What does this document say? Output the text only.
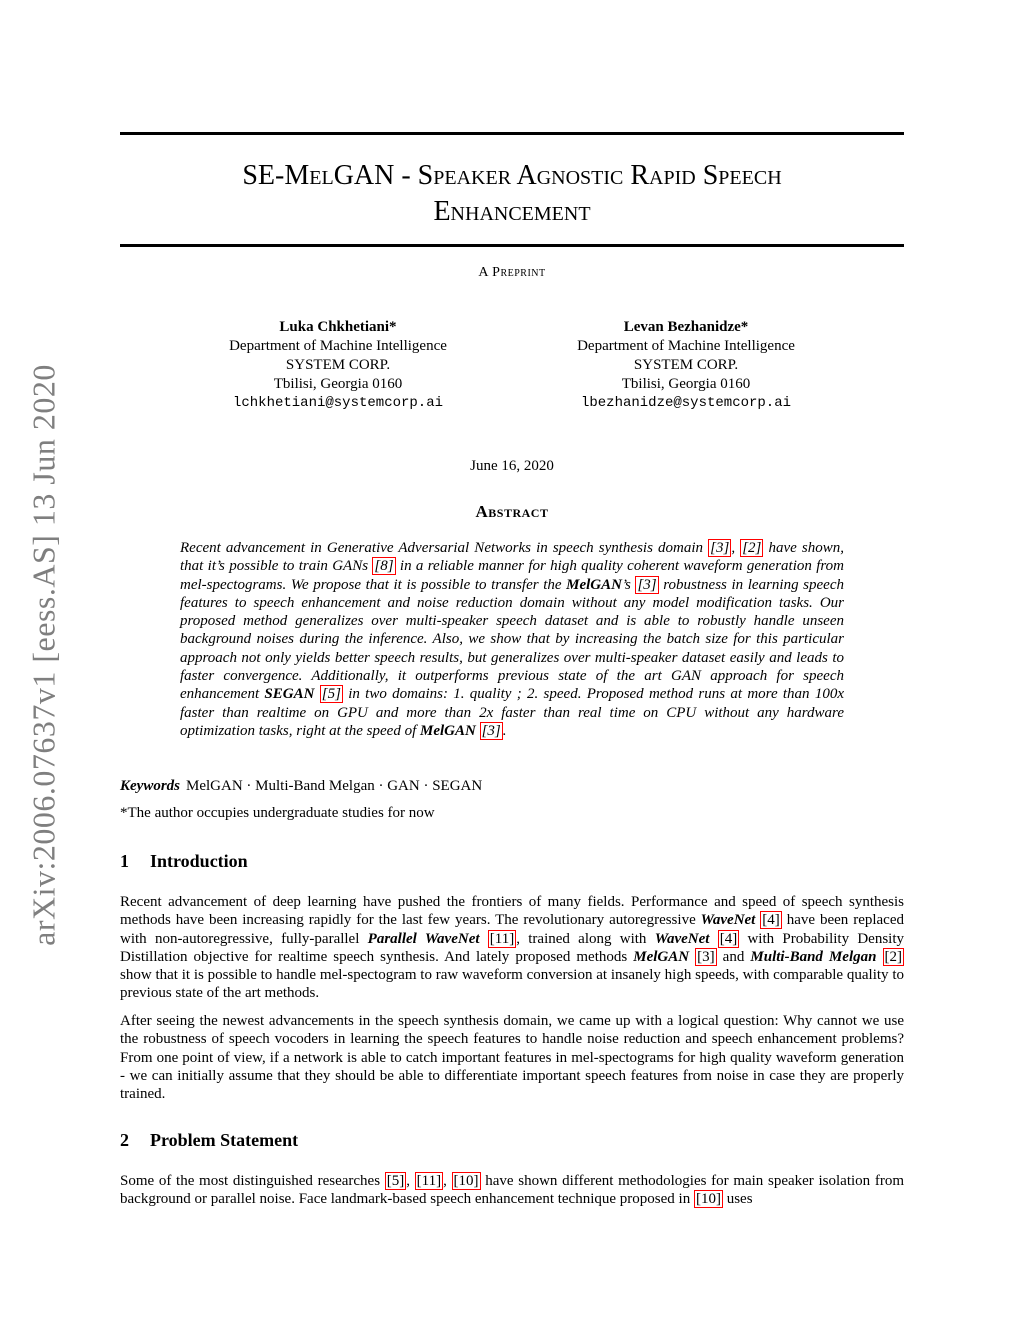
arXiv:2006.07637v1 [eess.AS] 13 Jun 2020
SE-MelGAN - Speaker Agnostic Rapid Speech
Enhancement
A Preprint
Luka Chkhetiani*
Department of Machine Intelligence
SYSTEM CORP.
Tbilisi, Georgia 0160
lchkhetiani@systemcorp.ai
Levan Bezhanidze*
Department of Machine Intelligence
SYSTEM CORP.
Tbilisi, Georgia 0160
lbezhanidze@systemcorp.ai
June 16, 2020
Abstract
Recent advancement in Generative Adversarial Networks in speech synthesis domain [3] , [2] have shown, that it’s possible to train GANs [8] in a reliable manner for high quality coherent waveform generation from mel-spectograms. We propose that it is possible to transfer the MelGAN’s [3] robustness in learning speech features to speech enhancement and noise reduction domain without any model modification tasks. Our proposed method generalizes over multi-speaker speech dataset and is able to robustly handle unseen background noises during the inference. Also, we show that by increasing the batch size for this particular approach not only yields better speech results, but generalizes over multi-speaker dataset easily and leads to faster convergence. Additionally, it outperforms previous state of the art GAN approach for speech enhancement SEGAN [5] in two domains: 1. quality ; 2. speed. Proposed method runs at more than 100x faster than realtime on GPU and more than 2x faster than real time on CPU without any hardware optimization tasks, right at the speed of MelGAN [3] .
Keywords MelGAN · Multi-Band Melgan · GAN · SEGAN
*The author occupies undergraduate studies for now
1 Introduction
Recent advancement of deep learning have pushed the frontiers of many fields. Performance and speed of speech synthesis methods have been increasing rapidly for the last few years. The revolutionary autoregressive WaveNet [4] have been replaced with non-autoregressive, fully-parallel Parallel WaveNet [11] , trained along with WaveNet [4] with Probability Density Distillation objective for realtime speech synthesis. And lately proposed methods MelGAN [3] and Multi-Band Melgan [2] show that it is possible to handle mel-spectogram to raw waveform conversion at insanely high speeds, with comparable quality to previous state of the art methods.
After seeing the newest advancements in the speech synthesis domain, we came up with a logical question: Why cannot we use the robustness of speech vocoders in learning the speech features to handle noise reduction and speech enhancement problems? From one point of view, if a network is able to catch important features in mel-spectograms for high quality waveform generation - we can initially assume that they should be able to differentiate important speech features from noise in case they are properly trained.
2 Problem Statement
Some of the most distinguished researches [5] , [11] , [10] have shown different methodologies for main speaker isolation from background or parallel noise. Face landmark-based speech enhancement technique proposed in [10] uses
